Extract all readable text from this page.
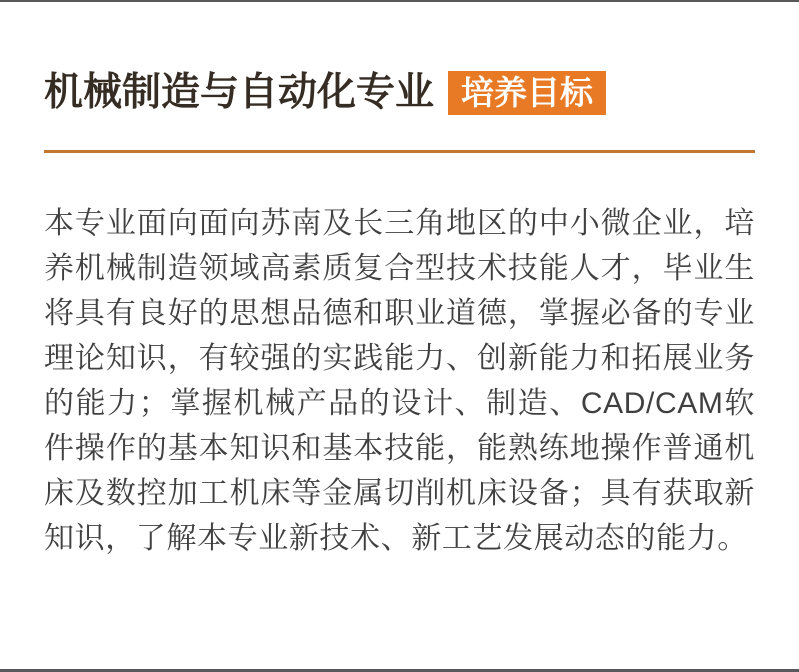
机械制造与自动化专业 培养目标

本专业面向面向苏南及长三角地区的中小微企业，培养机械制造领域高素质复合型技术技能人才，毕业生将具有良好的思想品德和职业道德，掌握必备的专业理论知识，有较强的实践能力、创新能力和拓展业务的能力；掌握机械产品的设计、制造、CAD/CAM软件操作的基本知识和基本技能，能熟练地操作普通机床及数控加工机床等金属切削机床设备；具有获取新知识，了解本专业新技术、新工艺发展动态的能力。
